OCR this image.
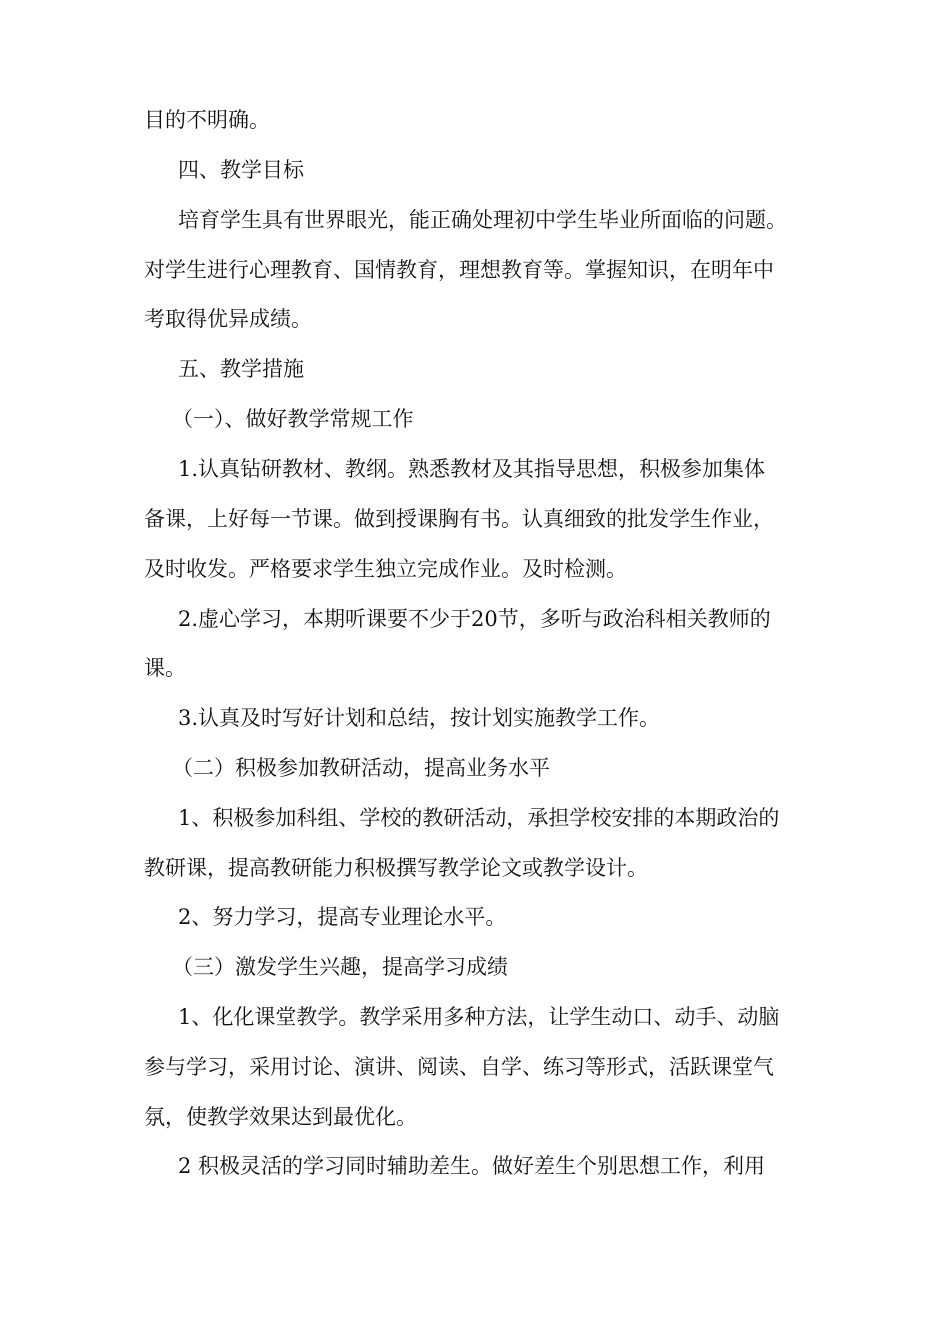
目的不明确。
四、教学目标
培育学生具有世界眼光，能正确处理初中学生毕业所面临的问题。
对学生进行心理教育、国情教育，理想教育等。掌握知识，在明年中
考取得优异成绩。
五、教学措施
（一）、做好教学常规工作
1.认真钻研教材、教纲。熟悉教材及其指导思想，积极参加集体
备课，上好每一节课。做到授课胸有书。认真细致的批发学生作业，
及时收发。严格要求学生独立完成作业。及时检测。
2.虚心学习，本期听课要不少于20节，多听与政治科相关教师的
课。
3.认真及时写好计划和总结，按计划实施教学工作。
（二）积极参加教研活动，提高业务水平
1、积极参加科组、学校的教研活动，承担学校安排的本期政治的
教研课，提高教研能力积极撰写教学论文或教学设计。
2、努力学习，提高专业理论水平。
（三）激发学生兴趣，提高学习成绩
1、化化课堂教学。教学采用多种方法，让学生动口、动手、动脑
参与学习，采用讨论、演讲、阅读、自学、练习等形式，活跃课堂气
氛，使教学效果达到最优化。
2 积极灵活的学习同时辅助差生。做好差生个别思想工作，利用
